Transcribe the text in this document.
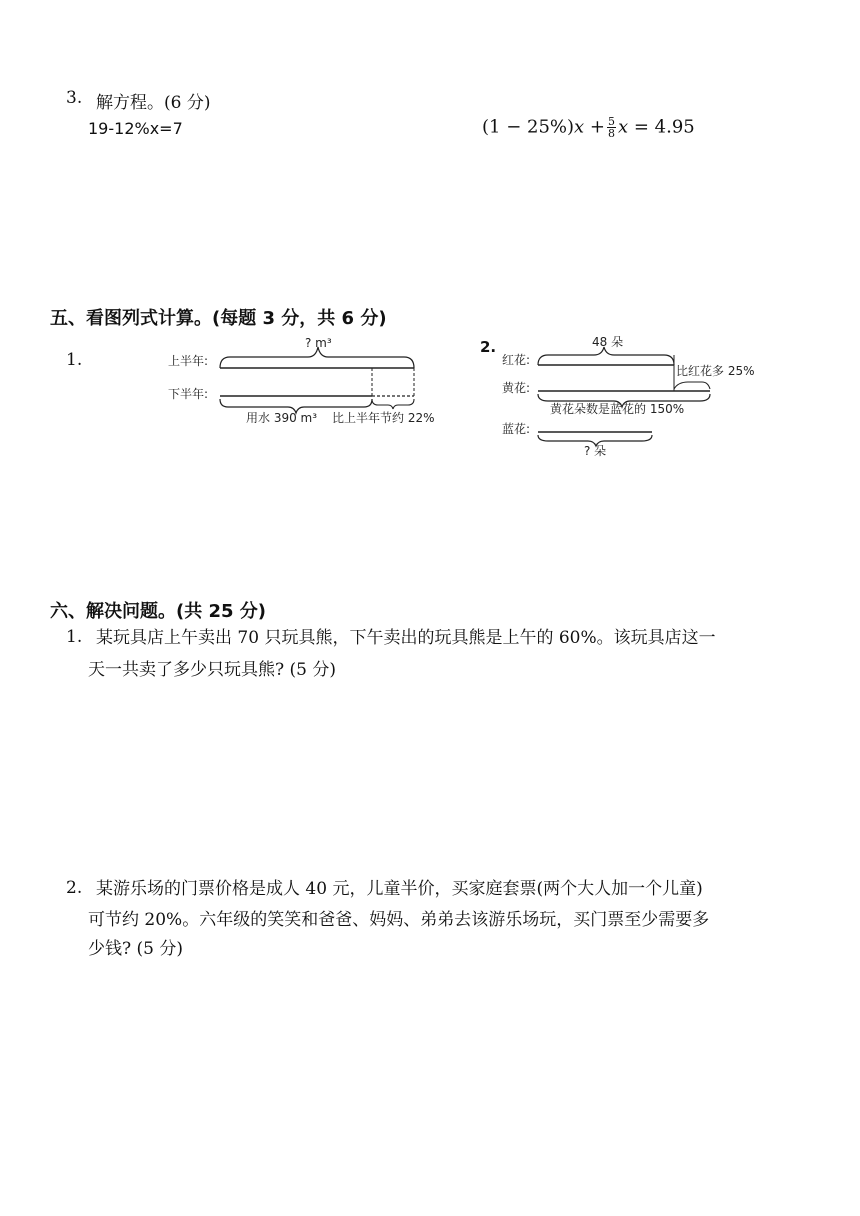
3. 解方程。(6 分)
19-12%x=7	(1 − 25%)𝑥 + $\frac{5}{8}$ 𝑥 = 4.95
五、看图列式计算。(每题 3 分，共 6 分)
1.	上半年:
下半年:
? m³
用水 390 m³ 比上半年节约 22%
2.
红花:
黄花:
蓝花:
48 朵
比红花多 25%
黄花朵数是蓝花的 150%
? 朵
六、解决问题。(共 25 分)
1. 某玩具店上午卖出 70 只玩具熊，下午卖出的玩具熊是上午的 60%。该玩具店这一
天一共卖了多少只玩具熊? (5 分)
2. 某游乐场的门票价格是成人 40 元，儿童半价，买家庭套票(两个大人加一个儿童)
可节约 20%。六年级的笑笑和爸爸、妈妈、弟弟去该游乐场玩，买门票至少需要多
少钱? (5 分)
